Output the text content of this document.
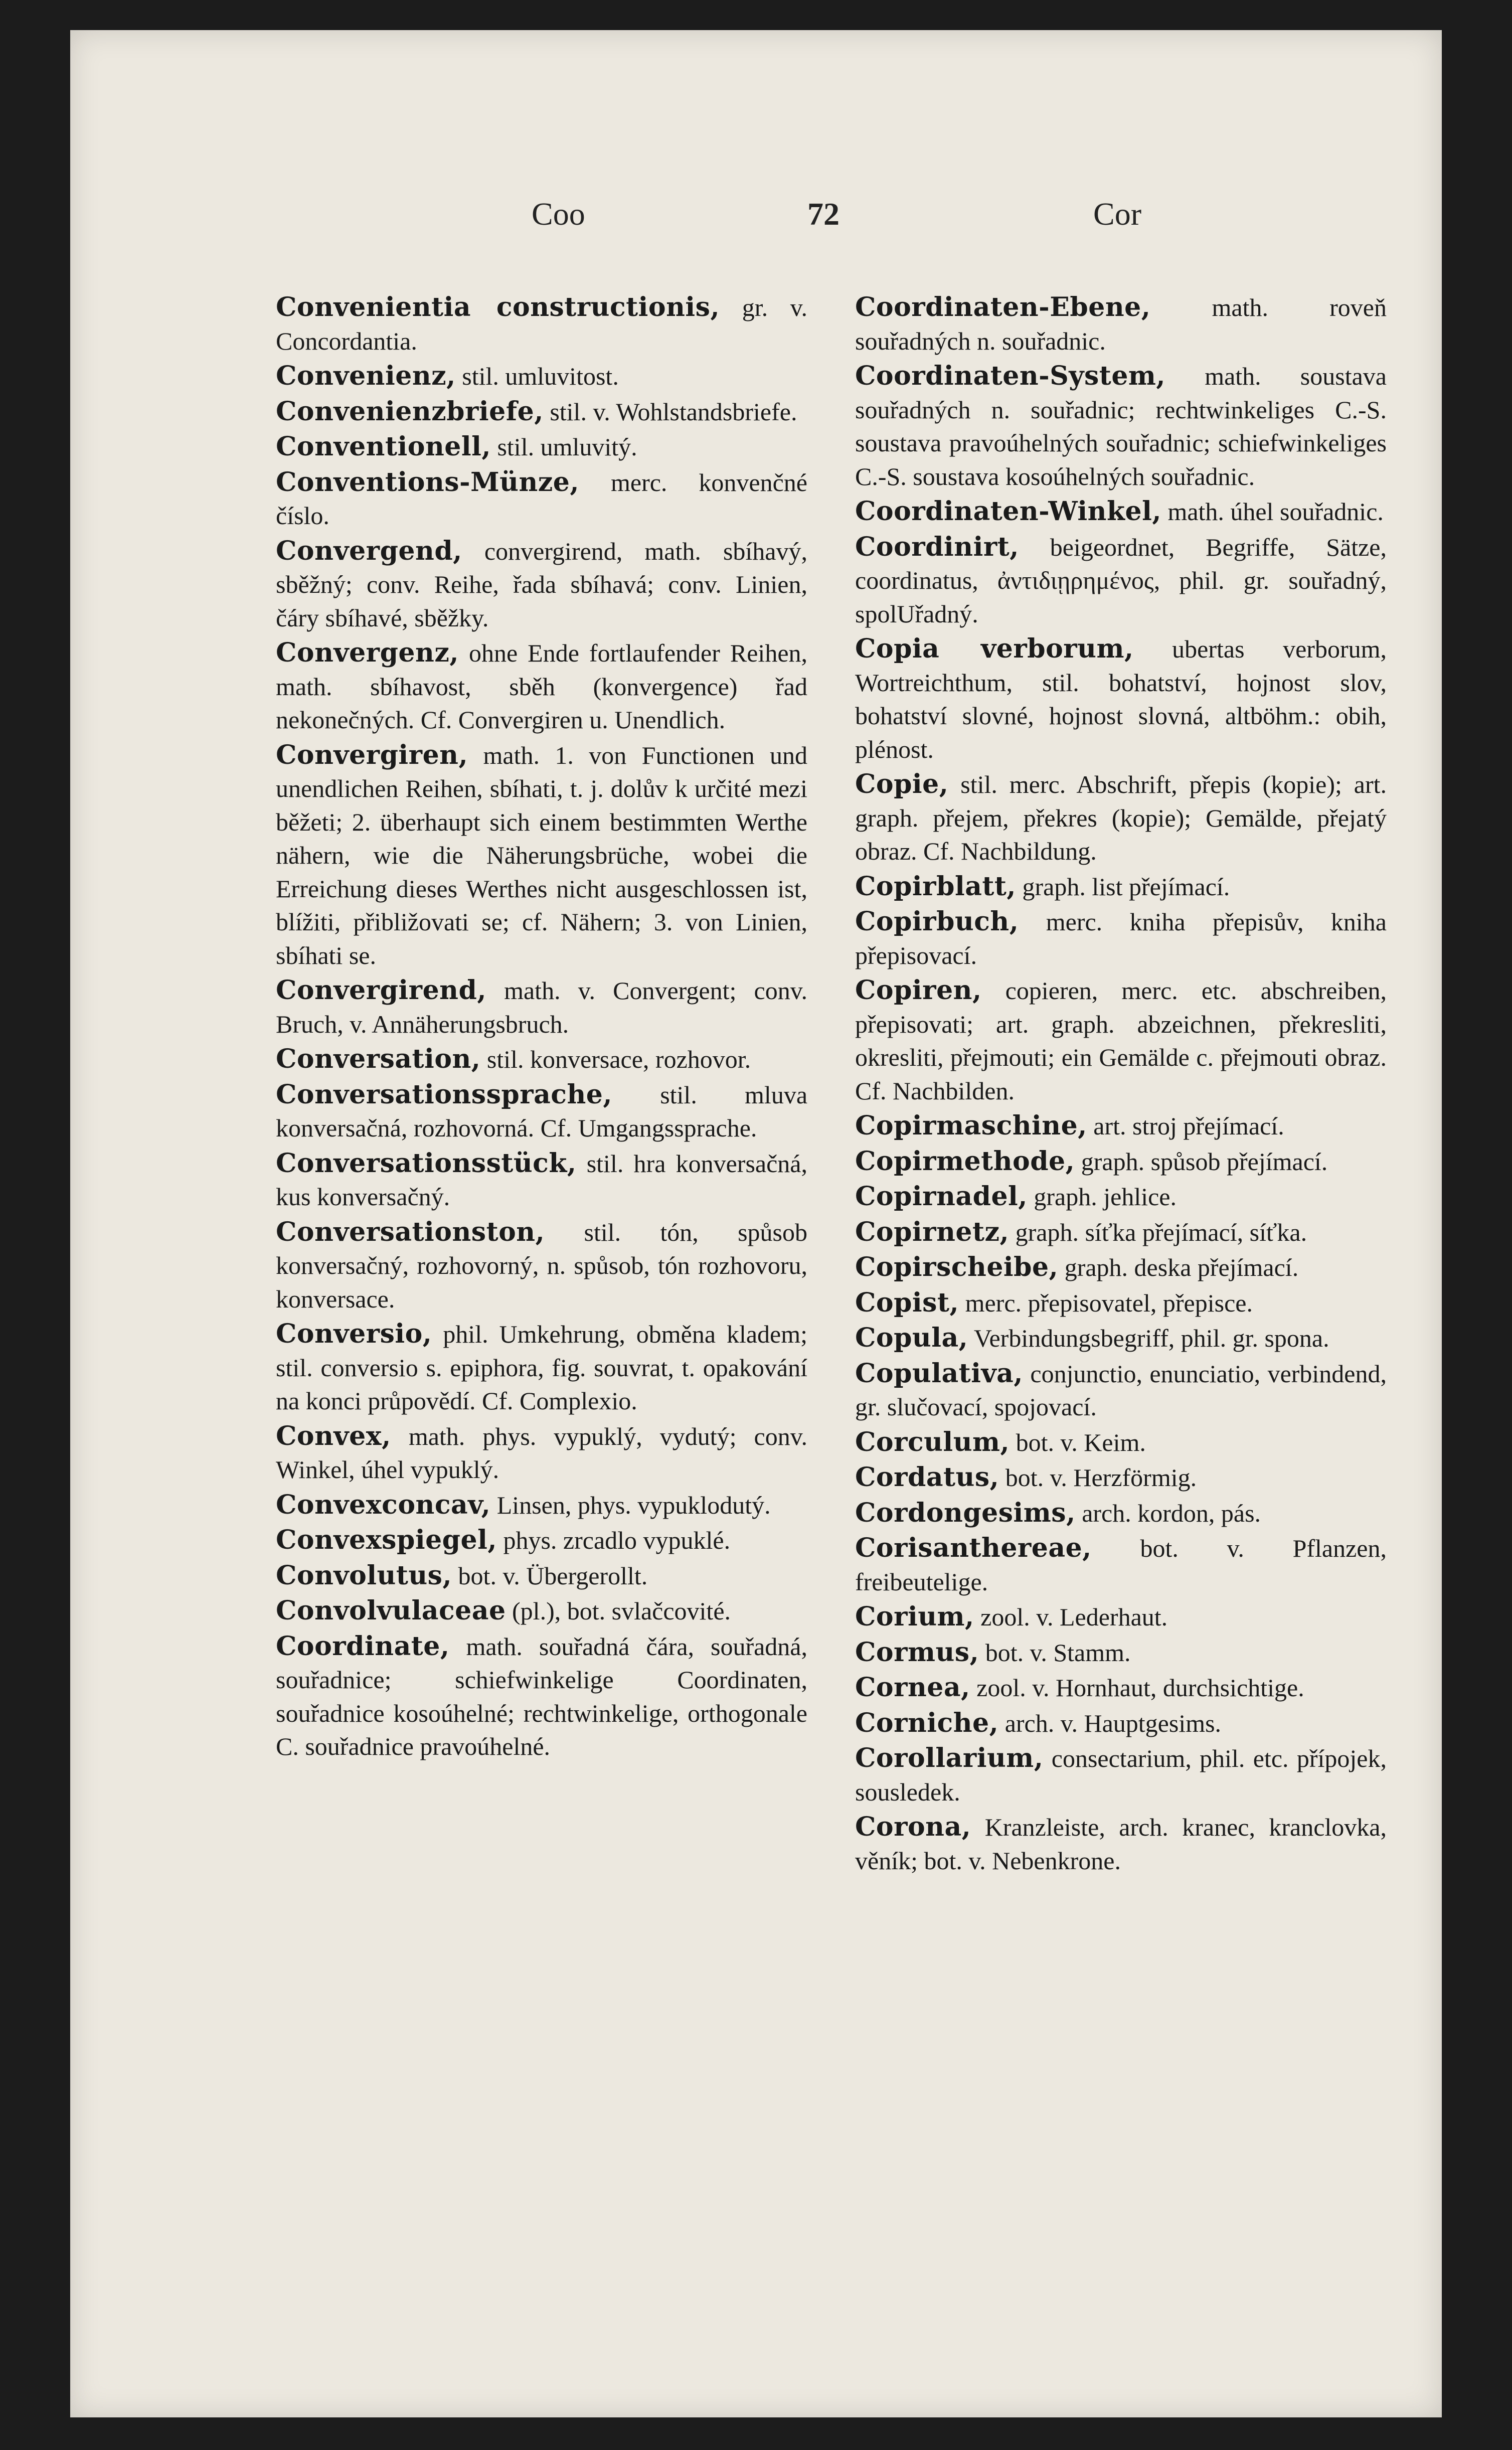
Coo	72	Cor

Convenientia constructionis, gr. v. Concordantia.

Convenienz, stil. umluvitost.

Convenienzbriefe, stil. v. Wohlstandsbriefe.

Conventionell, stil. umluvitý.

Conventions-Münze, merc. konvenčné číslo.

Convergend, convergirend, math. sbíhavý, sběžný; conv. Reihe, řada sbíhavá; conv. Linien, čáry sbíhavé, sběžky.

Convergenz, ohne Ende fortlaufender Reihen, math. sbíhavost, sběh (konvergence) řad nekonečných. Cf. Convergiren u. Unendlich.

Convergiren, math. 1. von Functionen und unendlichen Reihen, sbíhati, t. j. dolův k určité mezi běžeti; 2. überhaupt sich einem bestimmten Werthe nähern, wie die Näherungsbrüche, wobei die Erreichung dieses Werthes nicht ausgeschlossen ist, blížiti, přibližovati se; cf. Nähern; 3. von Linien, sbíhati se.

Convergirend, math. v. Convergent; conv. Bruch, v. Annäherungsbruch.

Conversation, stil. konversace, rozhovor.

Conversationssprache, stil. mluva konversačná, rozhovorná. Cf. Umgangssprache.

Conversationsstück, stil. hra konversačná, kus konversačný.

Conversationston, stil. tón, spůsob konversačný, rozhovorný, n. spůsob, tón rozhovoru, konversace.

Conversio, phil. Umkehrung, obměna kladem; stil. conversio s. epiphora, fig. souvrat, t. opakování na konci průpovědí. Cf. Complexio.

Convex, math. phys. vypuklý, vydutý; conv. Winkel, úhel vypuklý.

Convexconcav, Linsen, phys. vypuklodutý.

Convexspiegel, phys. zrcadlo vypuklé.

Convolutus, bot. v. Übergerollt.

Convolvulaceae (pl.), bot. svlačcovité.

Coordinate, math. souřadná čára, souřadná, souřadnice; schiefwinkelige Coordinaten, souřadnice kosoúhelné; rechtwinkelige, orthogonale C. souřadnice pravoúhelné.

Coordinaten-Ebene, math. roveň souřadných n. souřadnic.

Coordinaten-System, math. soustava souřadných n. souřadnic; rechtwinkeliges C.-S. soustava pravoúhelných souřadnic; schiefwinkeliges C.-S. soustava kosoúhelných souřadnic.

Coordinaten-Winkel, math. úhel souřadnic.

Coordinirt, beigeordnet, Begriffe, Sätze, coordinatus, ἀντιδιῃρημένος, phil. gr. souřadný, spolUřadný.

Copia verborum, ubertas verborum, Wortreichthum, stil. bohatství, hojnost slov, bohatství slovné, hojnost slovná, altböhm.: obih, plénost.

Copie, stil. merc. Abschrift, přepis (kopie); art. graph. přejem, překres (kopie); Gemälde, přejatý obraz. Cf. Nachbildung.

Copirblatt, graph. list přejímací.

Copirbuch, merc. kniha přepisův, kniha přepisovací.

Copiren, copieren, merc. etc. abschreiben, přepisovati; art. graph. abzeichnen, překresliti, okresliti, přejmouti; ein Gemälde c. přejmouti obraz. Cf. Nachbilden.

Copirmaschine, art. stroj přejímací.

Copirmethode, graph. spůsob přejímací.

Copirnadel, graph. jehlice.

Copirnetz, graph. síťka přejímací, síťka.

Copirscheibe, graph. deska přejímací.

Copist, merc. přepisovatel, přepisce.

Copula, Verbindungsbegriff, phil. gr. spona.

Copulativa, conjunctio, enunciatio, verbindend, gr. slučovací, spojovací.

Corculum, bot. v. Keim.

Cordatus, bot. v. Herzförmig.

Cordongesims, arch. kordon, pás.

Corisanthereae, bot. v. Pflanzen, freibeutelige.

Corium, zool. v. Lederhaut.

Cormus, bot. v. Stamm.

Cornea, zool. v. Hornhaut, durchsichtige.

Corniche, arch. v. Hauptgesims.

Corollarium, consectarium, phil. etc. přípojek, sousledek.

Corona, Kranzleiste, arch. kranec, kranclovka, věník; bot. v. Nebenkrone.
